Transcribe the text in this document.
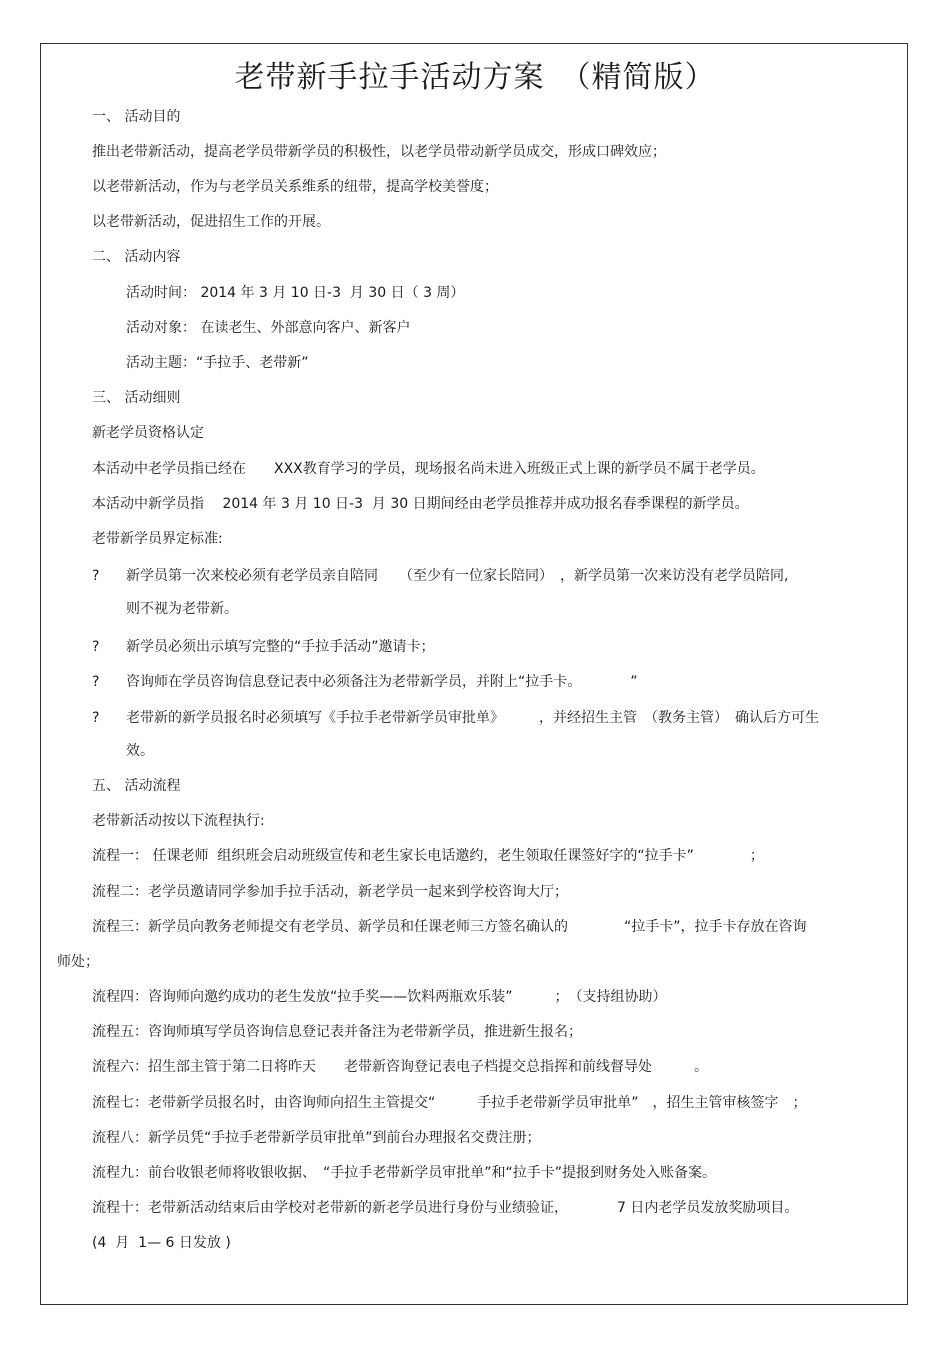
老带新手拉手活动方案　（精简版）
一、 活动目的
推出老带新活动，提高老学员带新学员的积极性，以老学员带动新学员成交，形成口碑效应；
以老带新活动，作为与老学员关系维系的纽带，提高学校美誉度；
以老带新活动，促进招生工作的开展。
二、 活动内容
活动时间： 2014 年 3 月 10 日-3  月 30 日（ 3 周）
活动对象： 在读老生、外部意向客户、新客户
活动主题：“手拉手、老带新”
三、 活动细则
新老学员资格认定
本活动中老学员指已经在　　XXX教育学习的学员，现场报名尚未进入班级正式上课的新学员不属于老学员。
本活动中新学员指　 2014 年 3 月 10 日-3  月 30 日期间经由老学员推荐并成功报名春季课程的新学员。
老带新学员界定标准:
? 新学员第一次来校必须有老学员亲自陪同　　（至少有一位家长陪同）　，新学员第一次来访没有老学员陪同,
则不视为老带新。
? 新学员必须出示填写完整的“手拉手活动”邀请卡；
? 咨询师在学员咨询信息登记表中必须备注为老带新学员，并附上“拉手卡。　　　　”
? 老带新的新学员报名时必须填写《手拉手老带新学员审批单》　　　，并经招生主管　（教务主管）　确认后方可生
效。
五、 活动流程
老带新活动按以下流程执行:
流程一： 任课老师  组织班会启动班级宣传和老生家长电话邀约，老生领取任课签好字的“拉手卡”　　　　；
流程二：老学员邀请同学参加手拉手活动，新老学员一起来到学校咨询大厅；
流程三：新学员向教务老师提交有老学员、新学员和任课老师三方签名确认的　　　　“拉手卡”，拉手卡存放在咨询
师处；
流程四：咨询师向邀约成功的老生发放“拉手奖——饮料两瓶欢乐装”　　　；　（支持组协助）
流程五：咨询师填写学员咨询信息登记表并备注为老带新学员，推进新生报名；
流程六：招生部主管于第二日将昨天　　老带新咨询登记表电子档提交总指挥和前线督导处　　　。
流程七：老带新学员报名时，由咨询师向招生主管提交“　　　手拉手老带新学员审批单”　，招生主管审核签字　；
流程八：新学员凭“手拉手老带新学员审批单”到前台办理报名交费注册；
流程九：前台收银老师将收银收据、　“手拉手老带新学员审批单”和“拉手卡”提报到财务处入账备案。
流程十：老带新活动结束后由学校对老带新的新老学员进行身份与业绩验证，　　　　7 日内老学员发放奖励项目。
(4  月  1— 6 日发放 )
